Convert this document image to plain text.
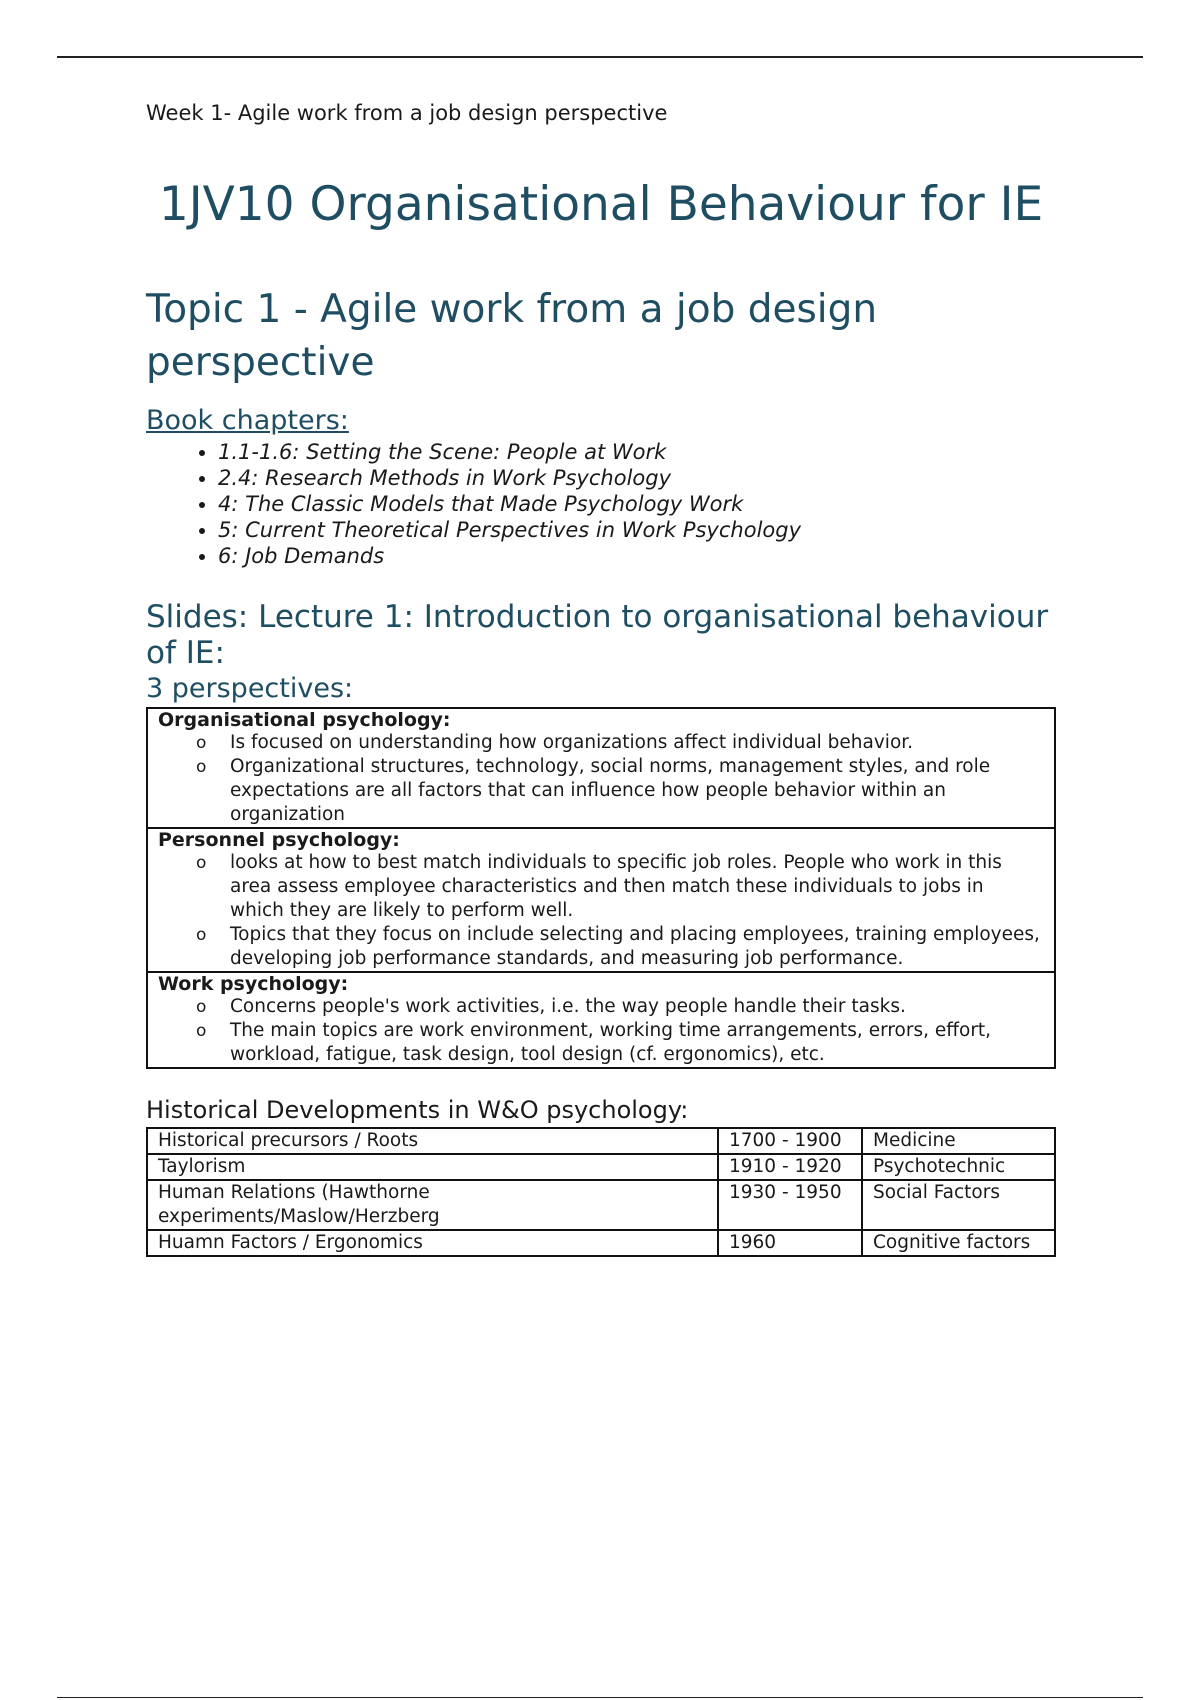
Week 1- Agile work from a job design perspective

1JV10 Organisational Behaviour for IE
Topic 1 - Agile work from a job design perspective
Book chapters:
• 1.1-1.6: Setting the Scene: People at Work
• 2.4: Research Methods in Work Psychology
• 4: The Classic Models that Made Psychology Work
• 5: Current Theoretical Perspectives in Work Psychology
• 6: Job Demands
Slides: Lecture 1: Introduction to organisational behaviour of IE:
3 perspectives:
Organisational psychology:
o Is focused on understanding how organizations affect individual behavior.
o Organizational structures, technology, social norms, management styles, and role expectations are all factors that can influence how people behavior within an organization
Personnel psychology:
o looks at how to best match individuals to specific job roles. People who work in this area assess employee characteristics and then match these individuals to jobs in which they are likely to perform well.
o Topics that they focus on include selecting and placing employees, training employees, developing job performance standards, and measuring job performance.
Work psychology:
o Concerns people's work activities, i.e. the way people handle their tasks.
o The main topics are work environment, working time arrangements, errors, effort, workload, fatigue, task design, tool design (cf. ergonomics), etc.
Historical Developments in W&O psychology:
Historical precursors / Roots	1700 - 1900	Medicine
Taylorism	1910 - 1920	Psychotechnic
Human Relations (Hawthorne experiments/Maslow/Herzberg	1930 - 1950	Social Factors
Huamn Factors / Ergonomics	1960	Cognitive factors
